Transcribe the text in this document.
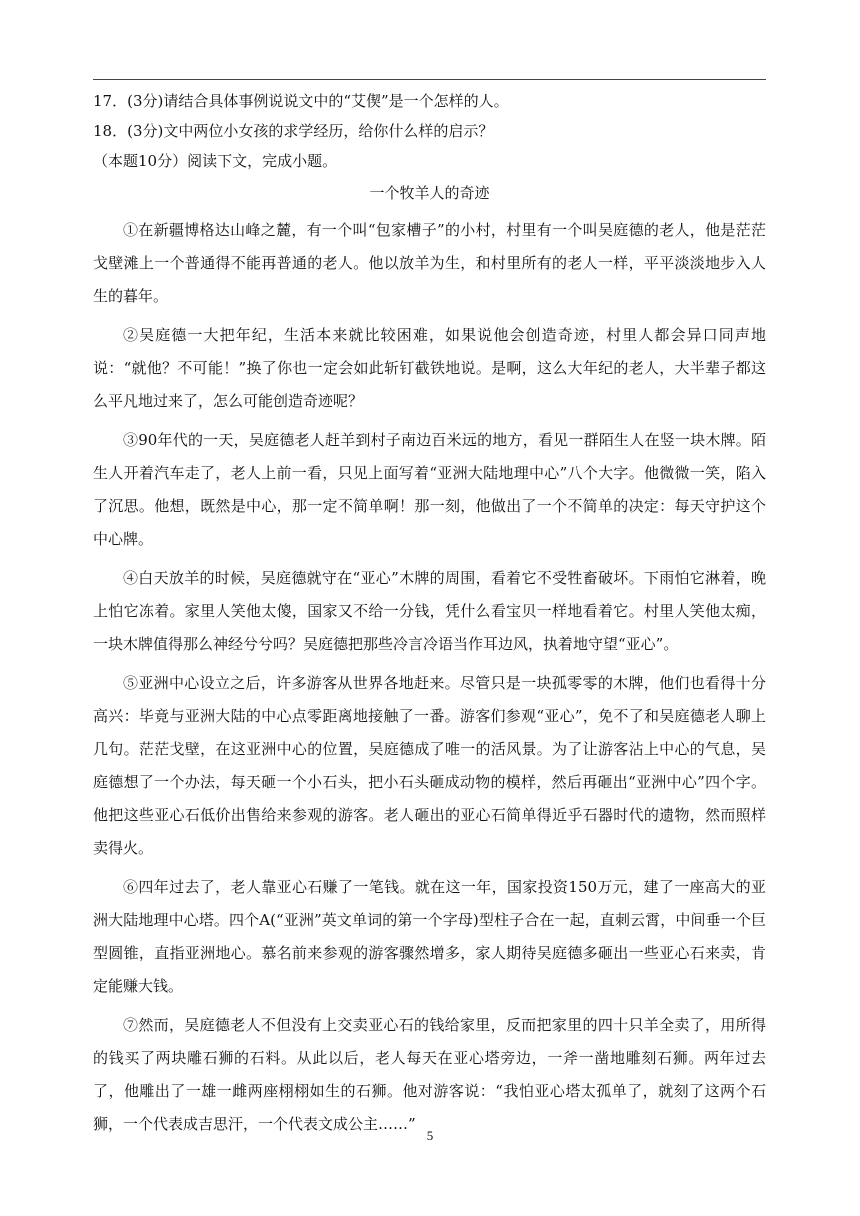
17．(3分)请结合具体事例说说文中的“艾偰”是一个怎样的人。
18．(3分)文中两位小女孩的求学经历，给你什么样的启示？
（本题10分）阅读下文，完成小题。
一个牧羊人的奇迹
①在新疆博格达山峰之麓，有一个叫“包家槽子”的小村，村里有一个叫吴庭德的老人，他是茫茫戈壁滩上一个普通得不能再普通的老人。他以放羊为生，和村里所有的老人一样，平平淡淡地步入人生的暮年。
②吴庭德一大把年纪，生活本来就比较困难，如果说他会创造奇迹，村里人都会异口同声地说：“就他？不可能！”换了你也一定会如此斩钉截铁地说。是啊，这么大年纪的老人，大半辈子都这么平凡地过来了，怎么可能创造奇迹呢？
③90年代的一天，吴庭德老人赶羊到村子南边百米远的地方，看见一群陌生人在竖一块木牌。陌生人开着汽车走了，老人上前一看，只见上面写着“亚洲大陆地理中心”八个大字。他微微一笑，陷入了沉思。他想，既然是中心，那一定不简单啊！那一刻，他做出了一个不简单的决定：每天守护这个中心牌。
④白天放羊的时候，吴庭德就守在“亚心”木牌的周围，看着它不受牲畜破坏。下雨怕它淋着，晚上怕它冻着。家里人笑他太傻，国家又不给一分钱，凭什么看宝贝一样地看着它。村里人笑他太痴，一块木牌值得那么神经兮兮吗？吴庭德把那些冷言冷语当作耳边风，执着地守望“亚心”。
⑤亚洲中心设立之后，许多游客从世界各地赶来。尽管只是一块孤零零的木牌，他们也看得十分高兴：毕竟与亚洲大陆的中心点零距离地接触了一番。游客们参观“亚心”，免不了和吴庭德老人聊上几句。茫茫戈壁，在这亚洲中心的位置，吴庭德成了唯一的活风景。为了让游客沾上中心的气息，吴庭德想了一个办法，每天砸一个小石头，把小石头砸成动物的模样，然后再砸出“亚洲中心”四个字。他把这些亚心石低价出售给来参观的游客。老人砸出的亚心石简单得近乎石器时代的遗物，然而照样卖得火。
⑥四年过去了，老人靠亚心石赚了一笔钱。就在这一年，国家投资150万元，建了一座高大的亚洲大陆地理中心塔。四个A(“亚洲”英文单词的第一个字母)型柱子合在一起，直刺云霄，中间垂一个巨型圆锥，直指亚洲地心。慕名前来参观的游客骤然增多，家人期待吴庭德多砸出一些亚心石来卖，肯定能赚大钱。
⑦然而，吴庭德老人不但没有上交卖亚心石的钱给家里，反而把家里的四十只羊全卖了，用所得的钱买了两块雕石狮的石料。从此以后，老人每天在亚心塔旁边，一斧一凿地雕刻石狮。两年过去了，他雕出了一雄一雌两座栩栩如生的石狮。他对游客说：“我怕亚心塔太孤单了，就刻了这两个石狮，一个代表成吉思汗，一个代表文成公主……”
5
